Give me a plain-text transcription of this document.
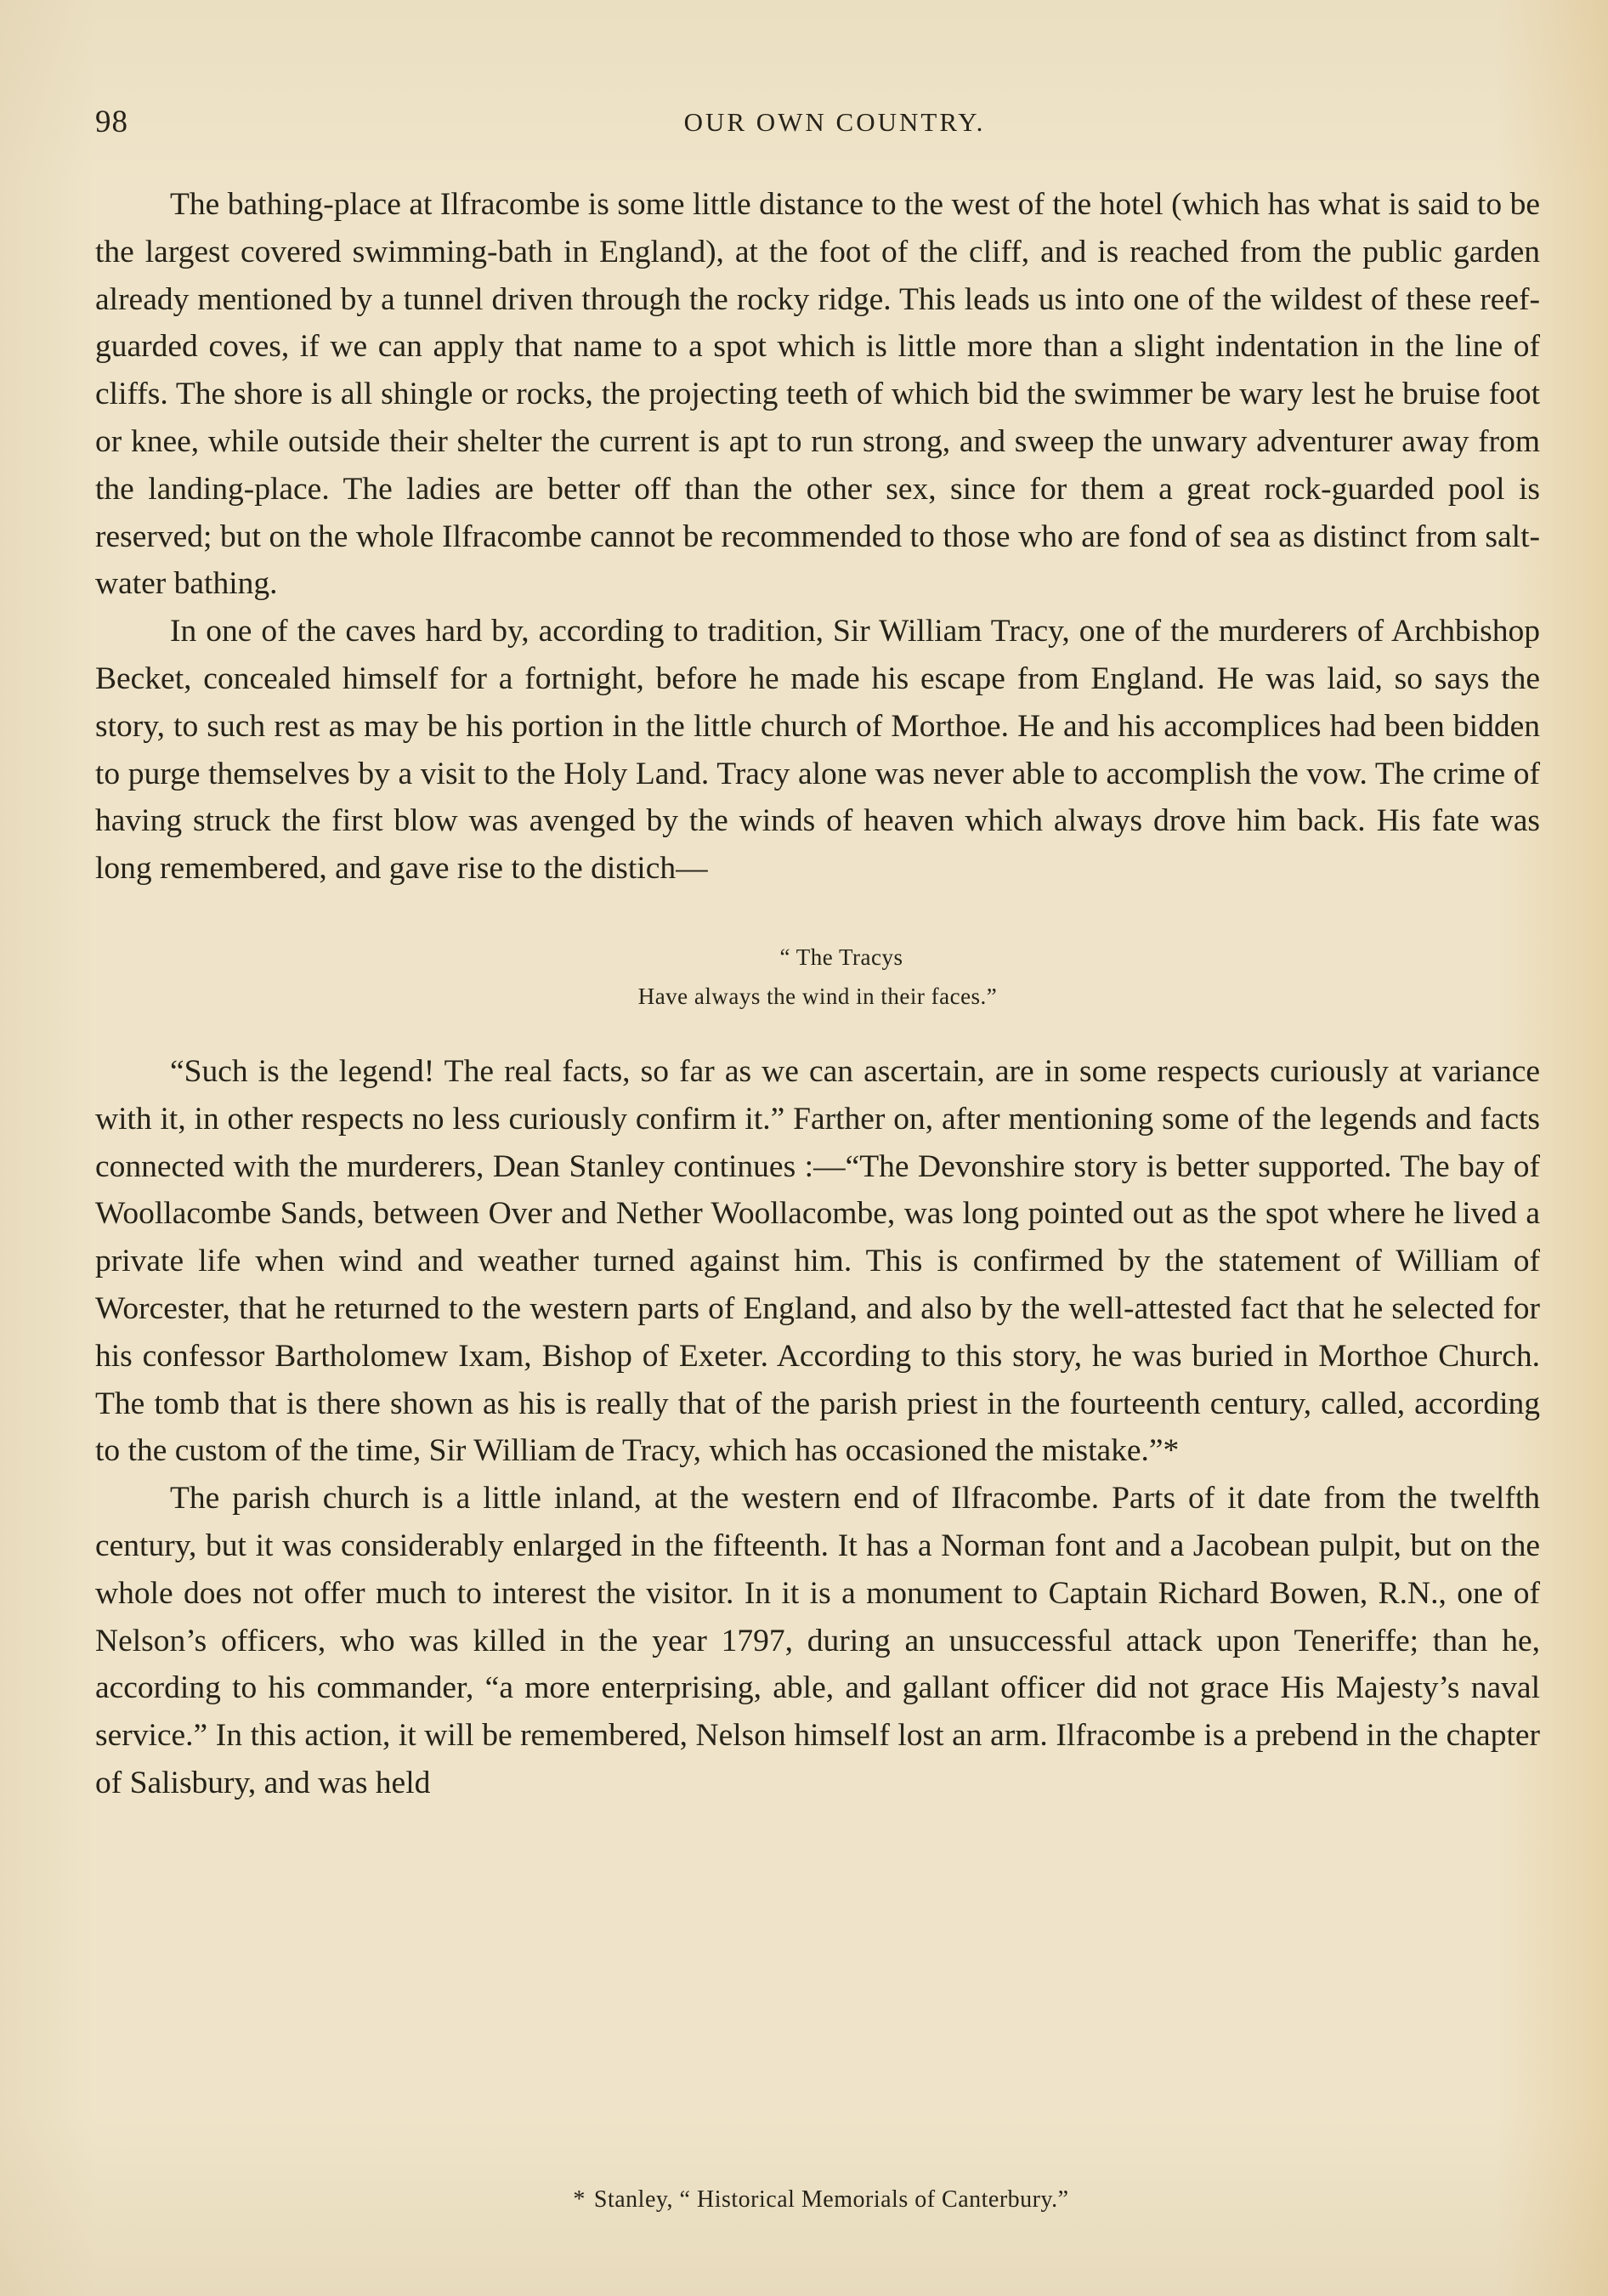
98	OUR OWN COUNTRY.

The bathing-place at Ilfracombe is some little distance to the west of the hotel (which has what is said to be the largest covered swimming-bath in England), at the foot of the cliff, and is reached from the public garden already mentioned by a tunnel driven through the rocky ridge. This leads us into one of the wildest of these reef-guarded coves, if we can apply that name to a spot which is little more than a slight indentation in the line of cliffs. The shore is all shingle or rocks, the projecting teeth of which bid the swimmer be wary lest he bruise foot or knee, while outside their shelter the current is apt to run strong, and sweep the unwary adventurer away from the landing-place. The ladies are better off than the other sex, since for them a great rock-guarded pool is reserved; but on the whole Ilfracombe cannot be recommended to those who are fond of sea as distinct from salt-water bathing.

In one of the caves hard by, according to tradition, Sir William Tracy, one of the murderers of Archbishop Becket, concealed himself for a fortnight, before he made his escape from England. He was laid, so says the story, to such rest as may be his portion in the little church of Morthoe. He and his accomplices had been bidden to purge themselves by a visit to the Holy Land. Tracy alone was never able to accomplish the vow. The crime of having struck the first blow was avenged by the winds of heaven which always drove him back. His fate was long remembered, and gave rise to the distich—

“ The Tracys
Have always the wind in their faces.”

“Such is the legend! The real facts, so far as we can ascertain, are in some respects curiously at variance with it, in other respects no less curiously confirm it.” Farther on, after mentioning some of the legends and facts connected with the murderers, Dean Stanley continues :—“The Devonshire story is better supported. The bay of Woollacombe Sands, between Over and Nether Woollacombe, was long pointed out as the spot where he lived a private life when wind and weather turned against him. This is confirmed by the statement of William of Worcester, that he returned to the western parts of England, and also by the well-attested fact that he selected for his confessor Bartholomew Ixam, Bishop of Exeter. According to this story, he was buried in Morthoe Church. The tomb that is there shown as his is really that of the parish priest in the fourteenth century, called, according to the custom of the time, Sir William de Tracy, which has occasioned the mistake.”*

The parish church is a little inland, at the western end of Ilfracombe. Parts of it date from the twelfth century, but it was considerably enlarged in the fifteenth. It has a Norman font and a Jacobean pulpit, but on the whole does not offer much to interest the visitor. In it is a monument to Captain Richard Bowen, R.N., one of Nelson’s officers, who was killed in the year 1797, during an unsuccessful attack upon Teneriffe; than he, according to his commander, “a more enterprising, able, and gallant officer did not grace His Majesty’s naval service.” In this action, it will be remembered, Nelson himself lost an arm. Ilfracombe is a prebend in the chapter of Salisbury, and was held

* Stanley, “ Historical Memorials of Canterbury.”
